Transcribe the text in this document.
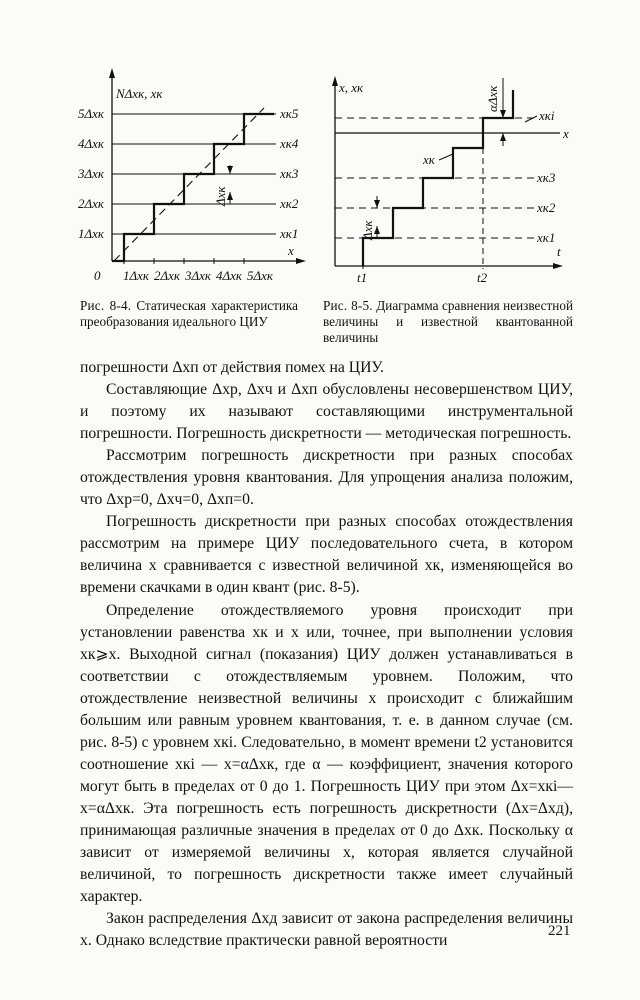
NΔxк, xк
5Δxк
4Δxк
3Δxк
2Δxк
1Δxк
xк5
xк4
xк3
xк2
xк1
Δxк
x
0 1Δxк 2Δxк 3Δxк 4Δxк 5Δxк
x, xк
t
t1	t2
xк
Δxк
αΔxк
x
xкi
xк3
xк2
xк1
Рис. 8-4. Статическая характеристика преобразования идеального ЦИУ
Рис. 8-5. Диаграмма сравнения неизвестной величины и известной квантованной величины

погрешности Δxп от действия помех на ЦИУ.

Составляющие Δxр, Δxч и Δxп обусловлены несовершенством ЦИУ, и поэтому их называют составляющими инструментальной погрешности. Погрешность дискретности — методическая погрешность.

Рассмотрим погрешность дискретности при разных способах отождествления уровня квантования. Для упрощения анализа положим, что Δxр=0, Δxч=0, Δxп=0.

Погрешность дискретности при разных способах отождествления рассмотрим на примере ЦИУ последовательного счета, в котором величина x сравнивается с известной величиной xк, изменяющейся во времени скачками в один квант (рис. 8-5).

Определение отождествляемого уровня происходит при установлении равенства xк и x или, точнее, при выполнении условия xк⩾x. Выходной сигнал (показания) ЦИУ должен устанавливаться в соответствии с отождествляемым уровнем. Положим, что отождествление неизвестной величины x происходит с ближайшим большим или равным уровнем квантования, т. е. в данном случае (см. рис. 8-5) с уровнем xкi. Следовательно, в момент времени t2 установится соотношение xкi — x=αΔxк, где α — коэффициент, значения которого могут быть в пределах от 0 до 1. Погрешность ЦИУ при этом Δx=xкi—x=αΔxк. Эта погрешность есть погрешность дискретности (Δx=Δxд), принимающая различные значения в пределах от 0 до Δxк. Поскольку α зависит от измеряемой величины x, которая является случайной величиной, то погрешность дискретности также имеет случайный характер.

Закон распределения Δxд зависит от закона распределения величины x. Однако вследствие практически равной вероятности

221
